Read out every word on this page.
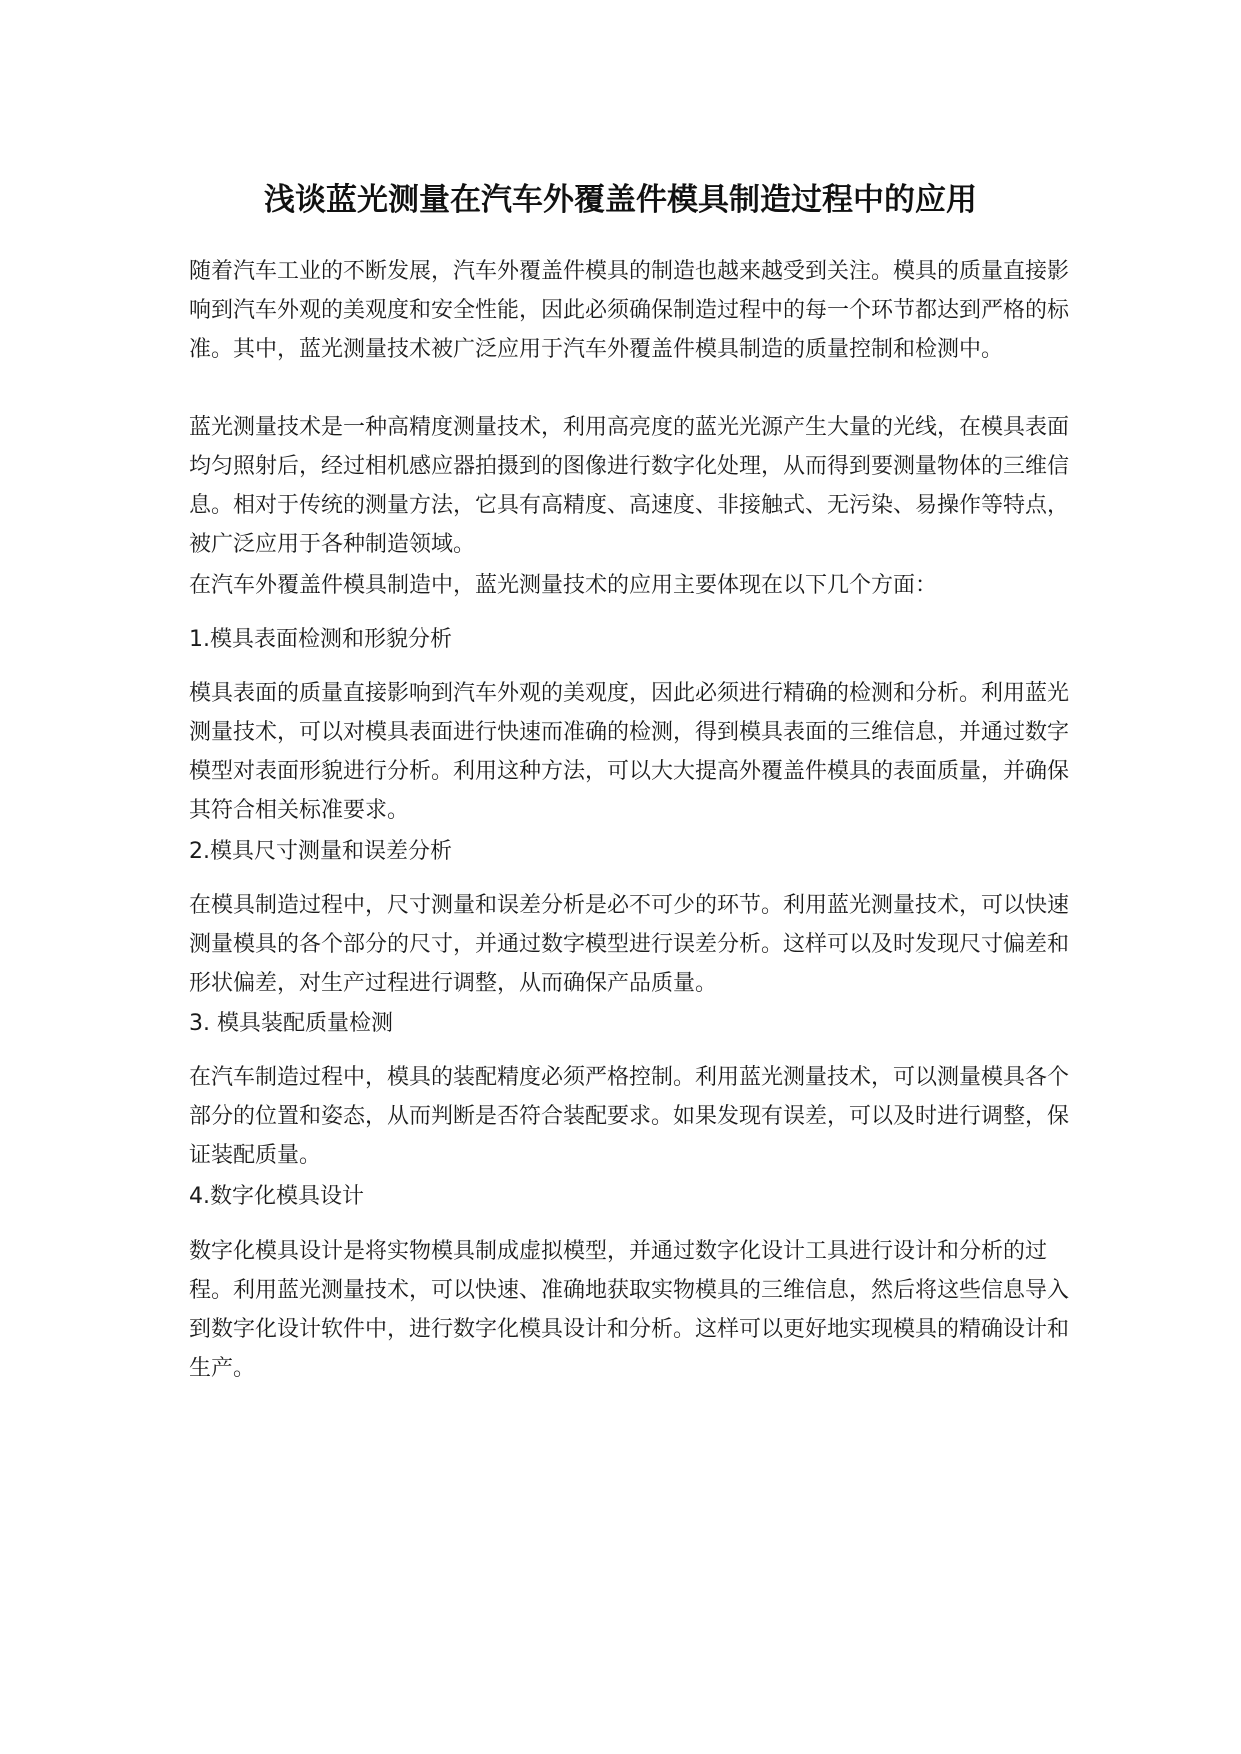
浅谈蓝光测量在汽车外覆盖件模具制造过程中的应用

随着汽车工业的不断发展，汽车外覆盖件模具的制造也越来越受到关注。模具的质量直接影响到汽车外观的美观度和安全性能，因此必须确保制造过程中的每一个环节都达到严格的标准。其中，蓝光测量技术被广泛应用于汽车外覆盖件模具制造的质量控制和检测中。

蓝光测量技术是一种高精度测量技术，利用高亮度的蓝光光源产生大量的光线，在模具表面均匀照射后，经过相机感应器拍摄到的图像进行数字化处理，从而得到要测量物体的三维信息。相对于传统的测量方法，它具有高精度、高速度、非接触式、无污染、易操作等特点，被广泛应用于各种制造领域。

在汽车外覆盖件模具制造中，蓝光测量技术的应用主要体现在以下几个方面：

1.模具表面检测和形貌分析

模具表面的质量直接影响到汽车外观的美观度，因此必须进行精确的检测和分析。利用蓝光测量技术，可以对模具表面进行快速而准确的检测，得到模具表面的三维信息，并通过数字模型对表面形貌进行分析。利用这种方法，可以大大提高外覆盖件模具的表面质量，并确保其符合相关标准要求。

2.模具尺寸测量和误差分析

在模具制造过程中，尺寸测量和误差分析是必不可少的环节。利用蓝光测量技术，可以快速测量模具的各个部分的尺寸，并通过数字模型进行误差分析。这样可以及时发现尺寸偏差和形状偏差，对生产过程进行调整，从而确保产品质量。

3. 模具装配质量检测

在汽车制造过程中，模具的装配精度必须严格控制。利用蓝光测量技术，可以测量模具各个部分的位置和姿态，从而判断是否符合装配要求。如果发现有误差，可以及时进行调整，保证装配质量。

4.数字化模具设计

数字化模具设计是将实物模具制成虚拟模型，并通过数字化设计工具进行设计和分析的过程。利用蓝光测量技术，可以快速、准确地获取实物模具的三维信息，然后将这些信息导入到数字化设计软件中，进行数字化模具设计和分析。这样可以更好地实现模具的精确设计和生产。
